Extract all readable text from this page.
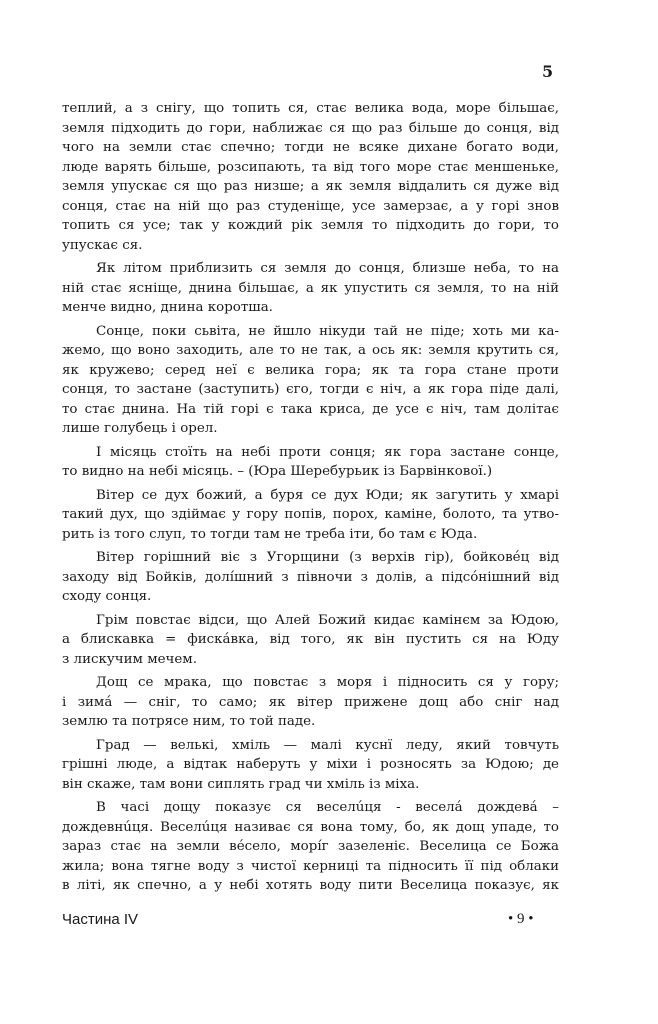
5
теплий, а з снігу, що топить ся, стає велика вода, море більшає,
земля підходить до гори, наближає ся що раз більше до сонця, від
чого на земли стає спечно; тогди не всяке дихане богато води,
люде варять більше, розсипають, та від того море стає меншеньке,
земля упускає ся що раз низше; а як земля віддалить ся дуже від
сонця, стає на ній що раз студеніще, усе замерзає, а у горі знов
топить ся усе; так у кождий рік земля то підходить до гори, то
упускає ся.
Як літом приблизить ся земля до сонця, близше неба, то на
ній стає ясніще, днина більшає, а як упустить ся земля, то на ній
менче видно, днина коротша.
Сонце, поки сьвіта, не йшло нікуди тай не піде; хоть ми ка-
жемо, що воно заходить, але то не так, а ось як: земля крутить ся,
як кружево; серед неї є велика гора; як та гора стане проти
сонця, то застане (заступить) єго, тогди є ніч, а як гора піде далі,
то стає днина. На тій горі є така криса, де усе є ніч, там долітає
лише голубець і орел.
І місяць стоїть на небі проти сонця; як гора застане сонце,
то видно на небі місяць. – (Юра Шеребурьик із Барвінкової.)
Вітер се дух божий, а буря се дух Юди; як загутить у хмарі
такий дух, що здіймає у гору попів, порох, каміне, болото, та утво-
рить із того слуп, то тогди там не треба іти, бо там є Юда.
Вітер горішний віє з Угорщини (з верхів гір), бойковéц від
заходу від Бойків, долíшний з півночи з долів, а підсóнішний від
сходу сонця.
Грім повстає відси, що Алей Божий кидає камінєм за Юдою,
а блискавка = фискáвка, від того, як він пустить ся на Юду
з лискучим мечем.
Дощ се мрака, що повстає з моря і підносить ся у гору;
і зимá — сніг, то само; як вітер прижене дощ або сніг над
землю та потрясе ним, то той паде.
Град — велькі, хміль — малі куснї леду, який товчуть
грішні люде, а відтак наберуть у міхи і розносять за Юдою; де
він скаже, там вони сиплять град чи хміль із міха.
В часі дощу показує ся веселúця - веселá дождевá –
дождевнúця. Веселúця називає ся вона тому, бо, як дощ упаде, то
зараз стає на земли вéсело, морíг зазеленіє. Веселица се Божа
жила; вона тягне воду з чистої керниці та підносить її під облаки
в літі, як спечно, а у небі хотять воду пити Веселица показує, як
Частина IV	• 9 •
